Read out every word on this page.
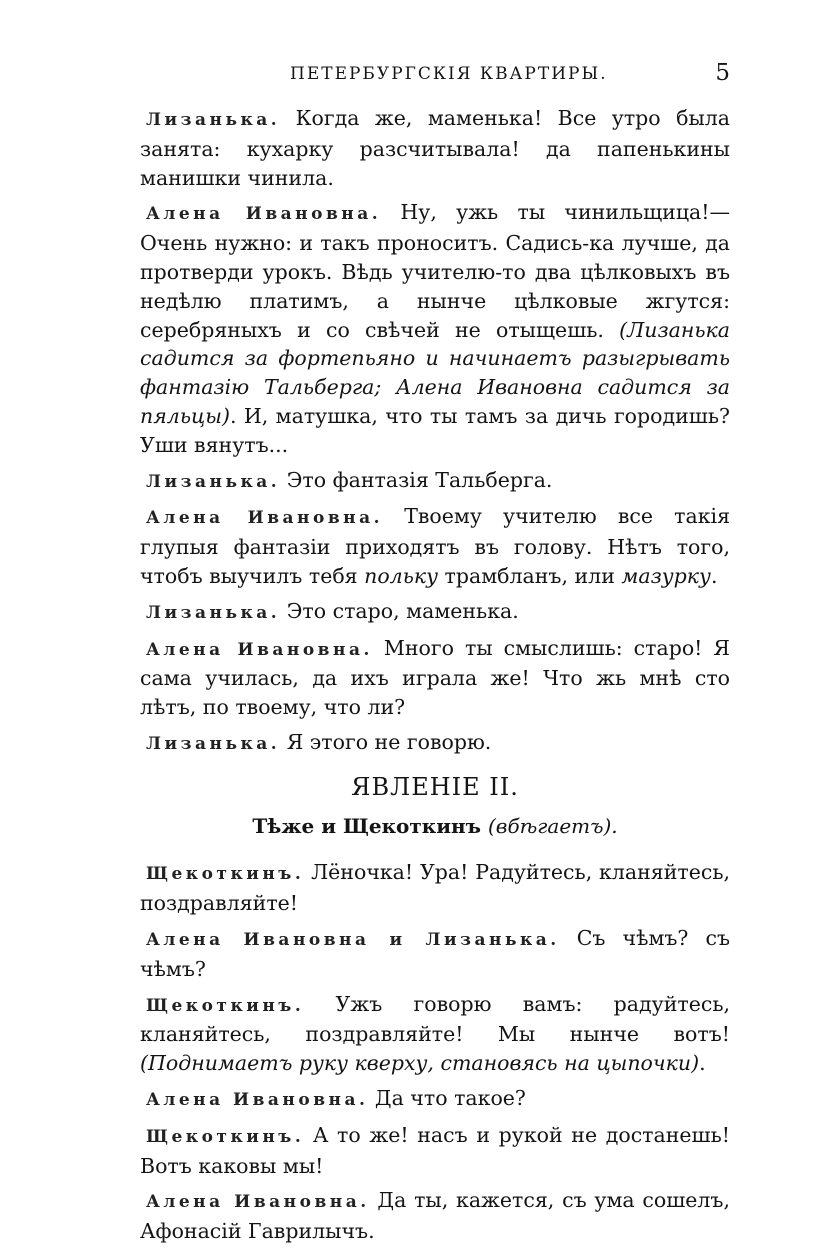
ПЕТЕРБУРГСКІЯ КВАРТИРЫ.	5

Лизанька. Когда же, маменька! Все утро была занята: кухарку разсчитывала! да папенькины манишки чинила.

Алена Ивановна. Ну, ужь ты чинильщица!—Очень нужно: и такъ проноситъ. Садись-ка лучше, да протверди урокъ. Вѣдь учителю-то два цѣлковыхъ въ недѣлю платимъ, а нынче цѣлковые жгутся: серебряныхъ и со свѣчей не отыщешь. (Лизанька садится за фортепьяно и начинаетъ разыгрывать фантазію Тальберга; Алена Ивановна садится за пяльцы). И, матушка, что ты тамъ за дичь городишь? Уши вянутъ...

Лизанька. Это фантазія Тальберга.

Алена Ивановна. Твоему учителю все такія глупыя фантазіи приходятъ въ голову. Нѣтъ того, чтобъ выучилъ тебя польку трамбланъ, или мазурку.

Лизанька. Это старо, маменька.

Алена Ивановна. Много ты смыслишь: старо! Я сама училась, да ихъ играла же! Что жь мнѣ сто лѣтъ, по твоему, что ли?

Лизанька. Я этого не говорю.

ЯВЛЕНІЕ II.
Тѣже и Щекоткинъ (вбѣгаетъ).

Щекоткинъ. Лёночка! Ура! Радуйтесь, кланяйтесь, поздравляйте!

Алена Ивановна и Лизанька. Съ чѣмъ? съ чѣмъ?

Щекоткинъ. Ужъ говорю вамъ: радуйтесь, кланяйтесь, поздравляйте! Мы нынче вотъ! (Поднимаетъ руку кверху, становясь на цыпочки).

Алена Ивановна. Да что такое?

Щекоткинъ. А то же! насъ и рукой не достанешь! Вотъ каковы мы!

Алена Ивановна. Да ты, кажется, съ ума сошелъ, Афонасій Гаврилычъ.
